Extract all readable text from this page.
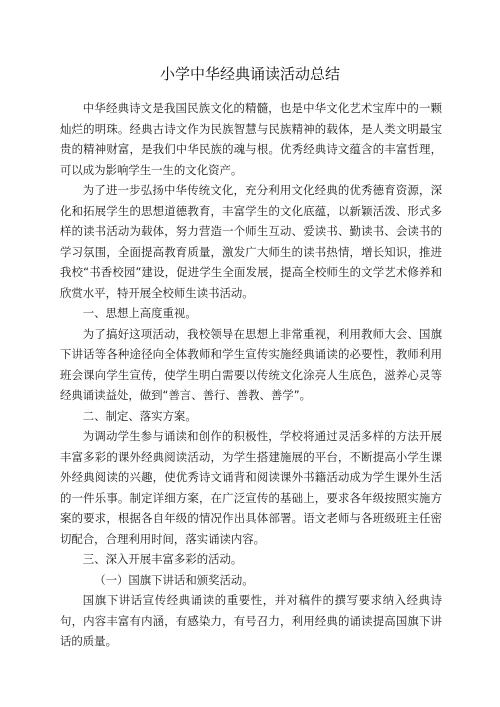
小学中华经典诵读活动总结

中华经典诗文是我国民族文化的精髓，也是中华文化艺术宝库中的一颗灿烂的明珠。经典古诗文作为民族智慧与民族精神的载体，是人类文明最宝贵的精神财富，是我们中华民族的魂与根。优秀经典诗文蕴含的丰富哲理，可以成为影响学生一生的文化资产。

为了进一步弘扬中华传统文化，充分利用文化经典的优秀德育资源，深化和拓展学生的思想道德教育，丰富学生的文化底蕴，以新颖活泼、形式多样的读书活动为载体，努力营造一个师生互动、爱读书、勤读书、会读书的学习氛围，全面提高教育质量，激发广大师生的读书热情，增长知识，推进我校“书香校园”建设，促进学生全面发展，提高全校师生的文学艺术修养和欣赏水平，特开展全校师生读书活动。

一、思想上高度重视。

为了搞好这项活动，我校领导在思想上非常重视，利用教师大会、国旗下讲话等各种途径向全体教师和学生宣传实施经典诵读的必要性，教师利用班会课向学生宣传，使学生明白需要以传统文化涂亮人生底色，滋养心灵等经典诵读益处，做到“善言、善行、善教、善学”。

二、制定、落实方案。

为调动学生参与诵读和创作的积极性，学校将通过灵活多样的方法开展丰富多彩的课外经典阅读活动，为学生搭建施展的平台，不断提高小学生课外经典阅读的兴趣，使优秀诗文诵背和阅读课外书籍活动成为学生课外生活的一件乐事。制定详细方案，在广泛宣传的基础上，要求各年级按照实施方案的要求，根据各自年级的情况作出具体部署。语文老师与各班级班主任密切配合，合理利用时间，落实诵读内容。

三、深入开展丰富多彩的活动。

（一）国旗下讲话和颁奖活动。

国旗下讲话宣传经典诵读的重要性，并对稿件的撰写要求纳入经典诗句，内容丰富有内涵，有感染力，有号召力，利用经典的诵读提高国旗下讲话的质量。
